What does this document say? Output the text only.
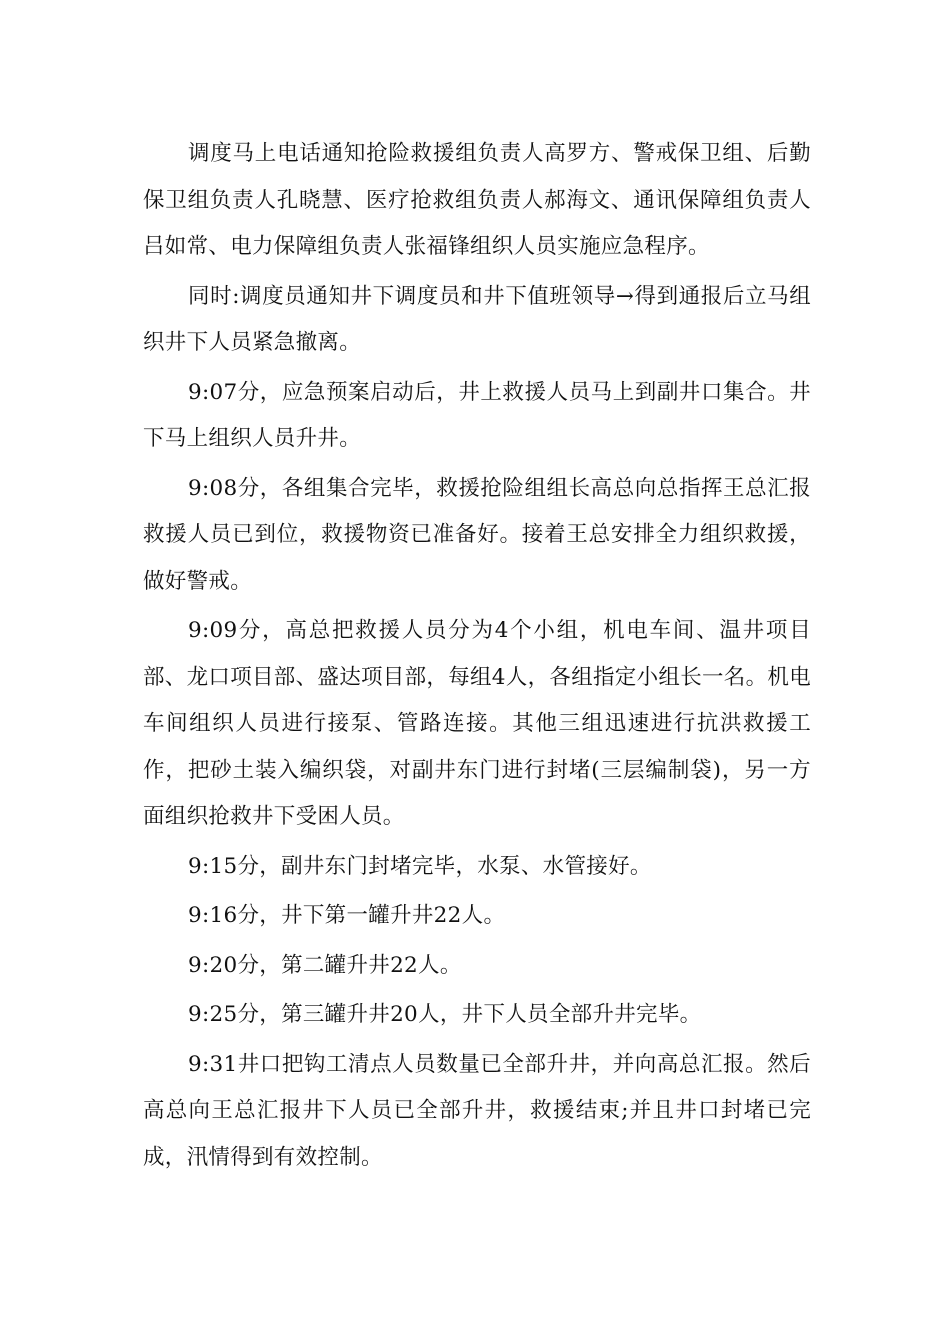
调度马上电话通知抢险救援组负责人高罗方、警戒保卫组、后勤保卫组负责人孔晓慧、医疗抢救组负责人郝海文、通讯保障组负责人吕如常、电力保障组负责人张福锋组织人员实施应急程序。

同时:调度员通知井下调度员和井下值班领导→得到通报后立马组织井下人员紧急撤离。

9:07分，应急预案启动后，井上救援人员马上到副井口集合。井下马上组织人员升井。

9:08分，各组集合完毕，救援抢险组组长高总向总指挥王总汇报救援人员已到位，救援物资已准备好。接着王总安排全力组织救援，做好警戒。

9:09分，高总把救援人员分为4个小组，机电车间、温井项目部、龙口项目部、盛达项目部，每组4人，各组指定小组长一名。机电车间组织人员进行接泵、管路连接。其他三组迅速进行抗洪救援工作，把砂土装入编织袋，对副井东门进行封堵(三层编制袋)，另一方面组织抢救井下受困人员。

9:15分，副井东门封堵完毕，水泵、水管接好。

9:16分，井下第一罐升井22人。

9:20分，第二罐升井22人。

9:25分，第三罐升井20人，井下人员全部升井完毕。

9:31井口把钩工清点人员数量已全部升井，并向高总汇报。然后高总向王总汇报井下人员已全部升井，救援结束;并且井口封堵已完成，汛情得到有效控制。
